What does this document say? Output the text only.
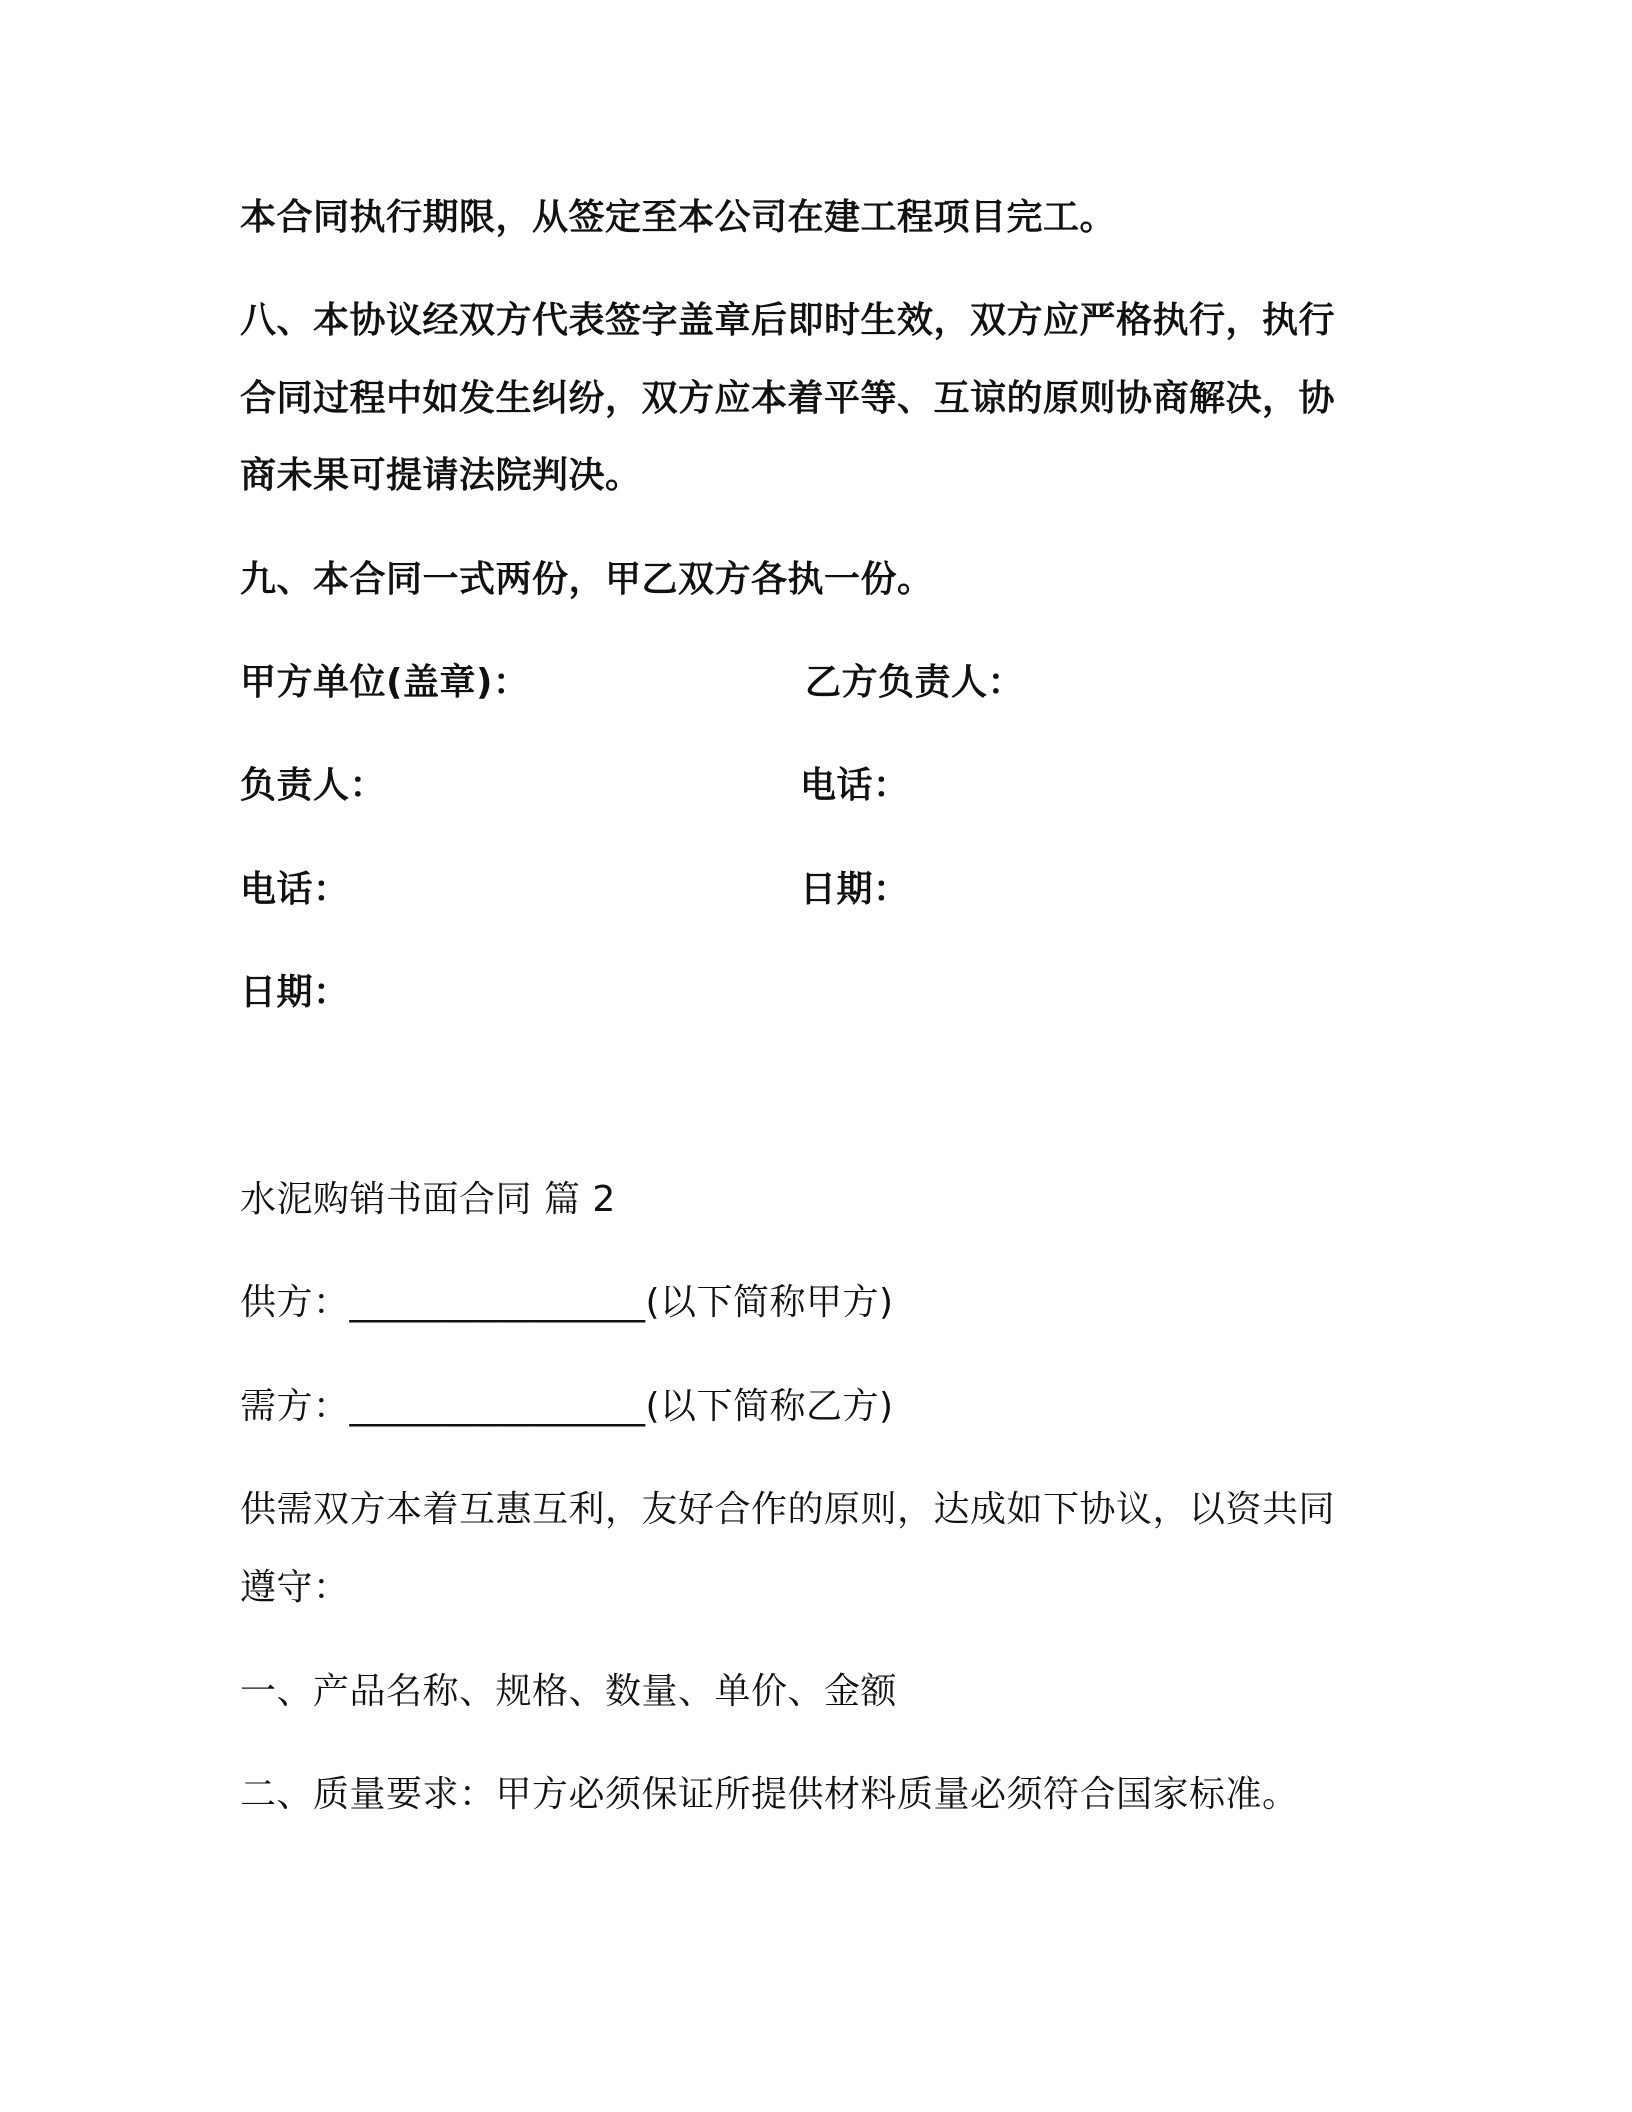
本合同执行期限，从签定至本公司在建工程项目完工。
八、本协议经双方代表签字盖章后即时生效，双方应严格执行，执行
合同过程中如发生纠纷，双方应本着平等、互谅的原则协商解决，协
商未果可提请法院判决。
九、本合同一式两份，甲乙双方各执一份。
甲方单位(盖章)：	乙方负责人：
负责人：	电话：
电话：	日期：
日期：
水泥购销书面合同 篇 2
供方：________________(以下简称甲方)
需方：________________(以下简称乙方)
供需双方本着互惠互利，友好合作的原则，达成如下协议，以资共同
遵守：
一、产品名称、规格、数量、单价、金额
二、质量要求：甲方必须保证所提供材料质量必须符合国家标准。
